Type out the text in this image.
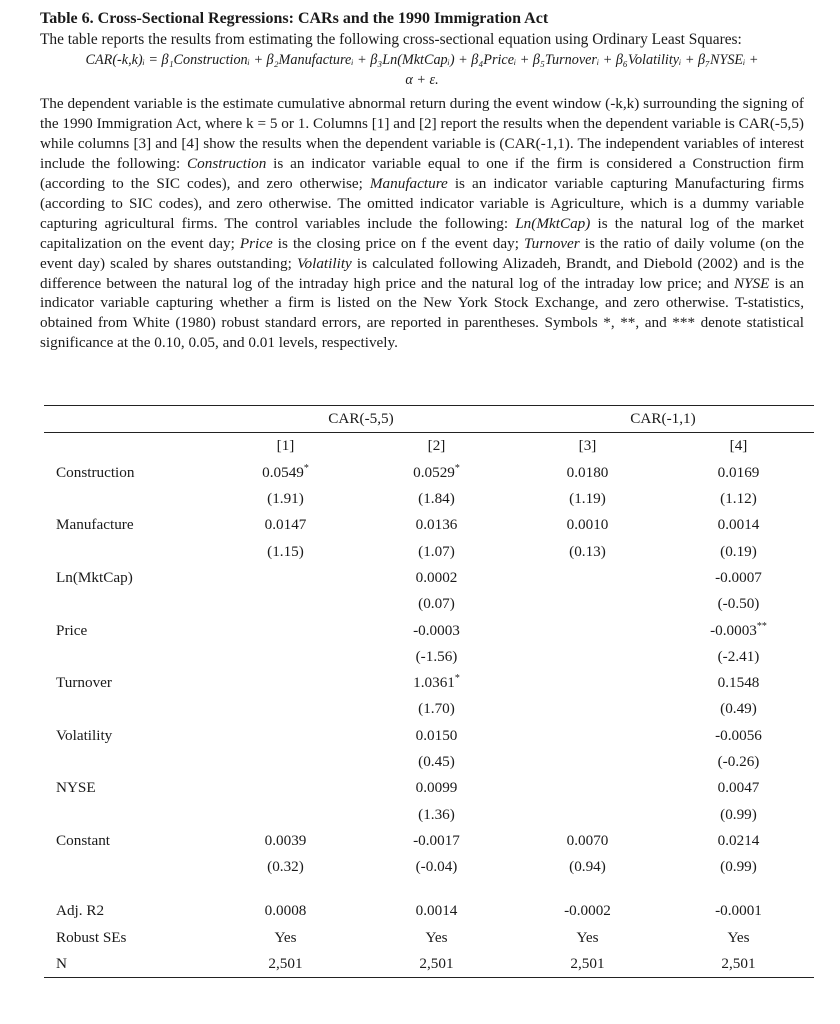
Table 6. Cross-Sectional Regressions: CARs and the 1990 Immigration Act

The table reports the results from estimating the following cross-sectional equation using Ordinary Least Squares:

CAR(-k,k)ᵢ = β₁Constructionᵢ + β₂Manufactureᵢ + β₃Ln(MktCapᵢ) + β₄Priceᵢ + β₅Turnoverᵢ + β₆Volatilityᵢ + β₇NYSEᵢ +
α + ε.

The dependent variable is the estimate cumulative abnormal return during the event window (-k,k) surrounding the signing of the 1990 Immigration Act, where k = 5 or 1. Columns [1] and [2] report the results when the dependent variable is CAR(-5,5) while columns [3] and [4] show the results when the dependent variable is (CAR(-1,1). The independent variables of interest include the following: Construction is an indicator variable equal to one if the firm is considered a Construction firm (according to the SIC codes), and zero otherwise; Manufacture is an indicator variable capturing Manufacturing firms (according to SIC codes), and zero otherwise. The omitted indicator variable is Agriculture, which is a dummy variable capturing agricultural firms. The control variables include the following: Ln(MktCap) is the natural log of the market capitalization on the event day; Price is the closing price on f the event day; Turnover is the ratio of daily volume (on the event day) scaled by shares outstanding; Volatility is calculated following Alizadeh, Brandt, and Diebold (2002) and is the difference between the natural log of the intraday high price and the natural log of the intraday low price; and NYSE is an indicator variable capturing whether a firm is listed on the New York Stock Exchange, and zero otherwise. T-statistics, obtained from White (1980) robust standard errors, are reported in parentheses. Symbols *, **, and *** denote statistical significance at the 0.10, 0.05, and 0.01 levels, respectively.

	CAR(-5,5)		CAR(-1,1)	
	[1]	[2]	[3]	[4]
Construction	0.0549*	0.0529*	0.0180	0.0169
	(1.91)	(1.84)	(1.19)	(1.12)
Manufacture	0.0147	0.0136	0.0010	0.0014
	(1.15)	(1.07)	(0.13)	(0.19)
Ln(MktCap)		0.0002		-0.0007
		(0.07)		(-0.50)
Price		-0.0003		-0.0003**
		(-1.56)		(-2.41)
Turnover		1.0361*		0.1548
		(1.70)		(0.49)
Volatility		0.0150		-0.0056
		(0.45)		(-0.26)
NYSE		0.0099		0.0047
		(1.36)		(0.99)
Constant	0.0039	-0.0017	0.0070	0.0214
	(0.32)	(-0.04)	(0.94)	(0.99)

Adj. R2	0.0008	0.0014	-0.0002	-0.0001
Robust SEs	Yes	Yes	Yes	Yes
N	2,501	2,501	2,501	2,501
